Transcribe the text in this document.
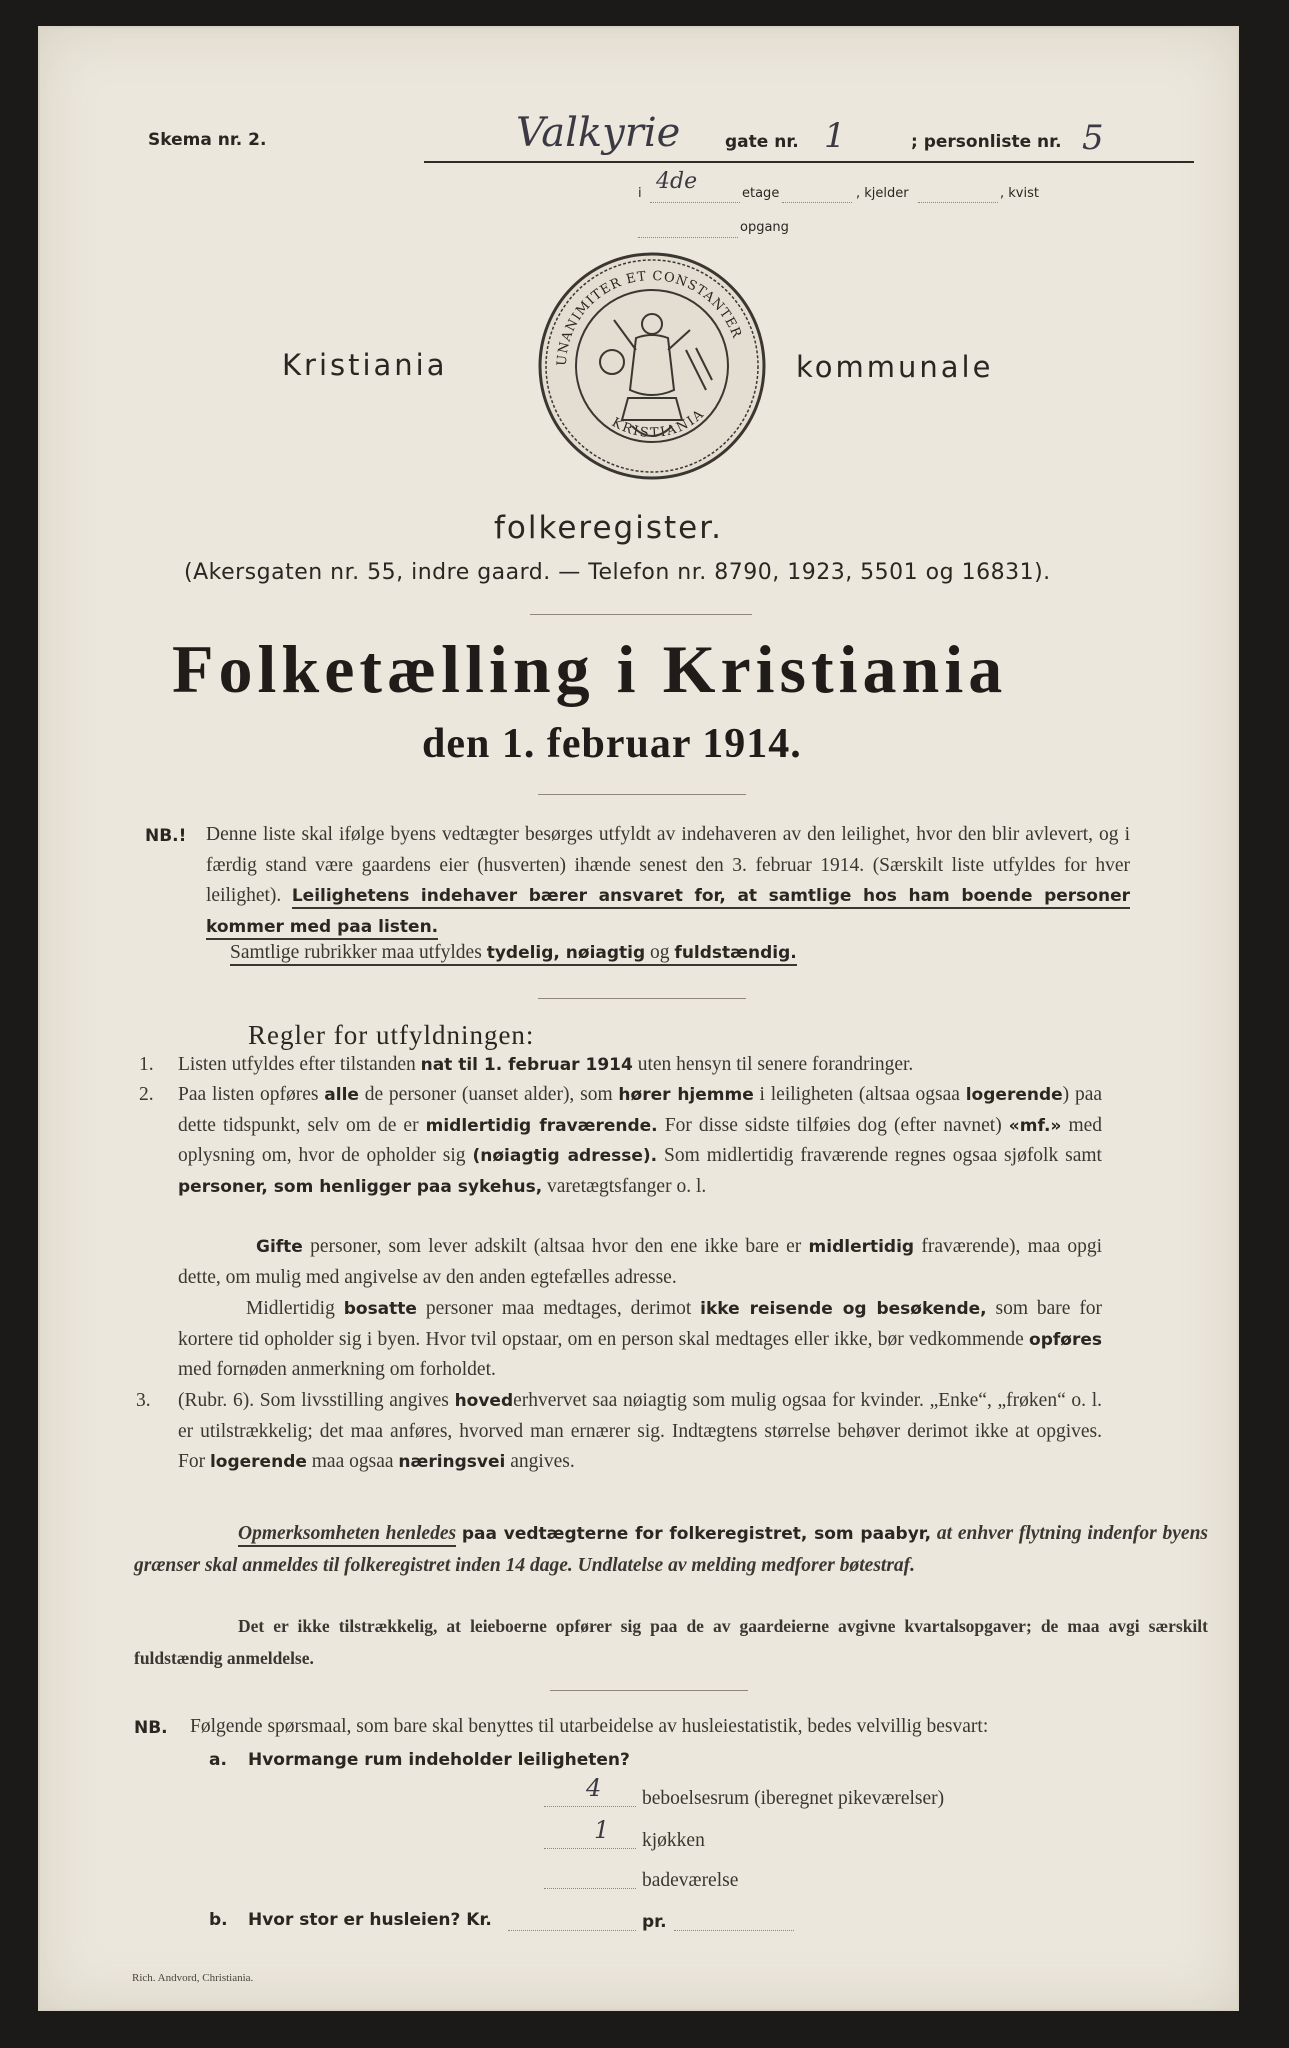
Skema nr. 2.	Valkyrie	gate nr. 1	; personliste nr. 5
i 4de	etage	, kjelder	, kvist
opgang
UNANIMITER ET CONSTANTER
KRISTIANIA
Kristiania	kommunale
folkeregister.
(Akersgaten nr. 55, indre gaard. — Telefon nr. 8790, 1923, 5501 og 16831).
Folketælling i Kristiania
den 1. februar 1914.
NB.! Denne liste skal ifølge byens vedtægter besørges utfyldt av indehaveren av den leilighet, hvor den blir avlevert, og i færdig stand være gaardens eier (husverten) ihænde senest den 3. februar 1914. (Særskilt liste utfyldes for hver leilighet). Leilighetens indehaver bærer ansvaret for, at samtlige hos ham boende personer kommer med paa listen.

Samtlige rubrikker maa utfyldes tydelig, nøiagtig og fuldstændig.
Regler for utfyldningen:
1. Listen utfyldes efter tilstanden nat til 1. februar 1914 uten hensyn til senere forandringer.

2. Paa listen opføres alle de personer (uanset alder), som hører hjemme i leiligheten (altsaa ogsaa logerende) paa dette tidspunkt, selv om de er midlertidig fraværende. For disse sidste tilføies dog (efter navnet) «mf.» med oplysning om, hvor de opholder sig (nøiagtig adresse). Som midlertidig fraværende regnes ogsaa sjøfolk samt personer, som henligger paa sykehus, varetægtsfanger o. l.

Gifte personer, som lever adskilt (altsaa hvor den ene ikke bare er midlertidig fraværende), maa opgi dette, om mulig med angivelse av den anden egtefælles adresse.

Midlertidig bosatte personer maa medtages, derimot ikke reisende og besøkende, som bare for kortere tid opholder sig i byen. Hvor tvil opstaar, om en person skal medtages eller ikke, bør vedkommende opføres med fornøden anmerkning om forholdet.

3. (Rubr. 6). Som livsstilling angives hovederhvervet saa nøiagtig som mulig ogsaa for kvinder. „Enke“, „frøken“ o. l. er utilstrækkelig; det maa anføres, hvorved man ernærer sig. Indtægtens størrelse behøver derimot ikke at opgives. For logerende maa ogsaa næringsvei angives.

Opmerksomheten henledes paa vedtægterne for folkeregistret, som paabyr, at enhver flytning indenfor byens grænser skal anmeldes til folkeregistret inden 14 dage. Undlatelse av melding medforer bøtestraf.

Det er ikke tilstrækkelig, at leieboerne opfører sig paa de av gaardeierne avgivne kvartalsopgaver; de maa avgi særskilt fuldstændig anmeldelse.

NB. Følgende spørsmaal, som bare skal benyttes til utarbeidelse av husleiestatistik, bedes velvillig besvart:
a. Hvormange rum indeholder leiligheten?
4 beboelsesrum (iberegnet pikeværelser)
1 kjøkken
badeværelse
b. Hvor stor er husleien? Kr.	pr.
Rich. Andvord, Christiania.
